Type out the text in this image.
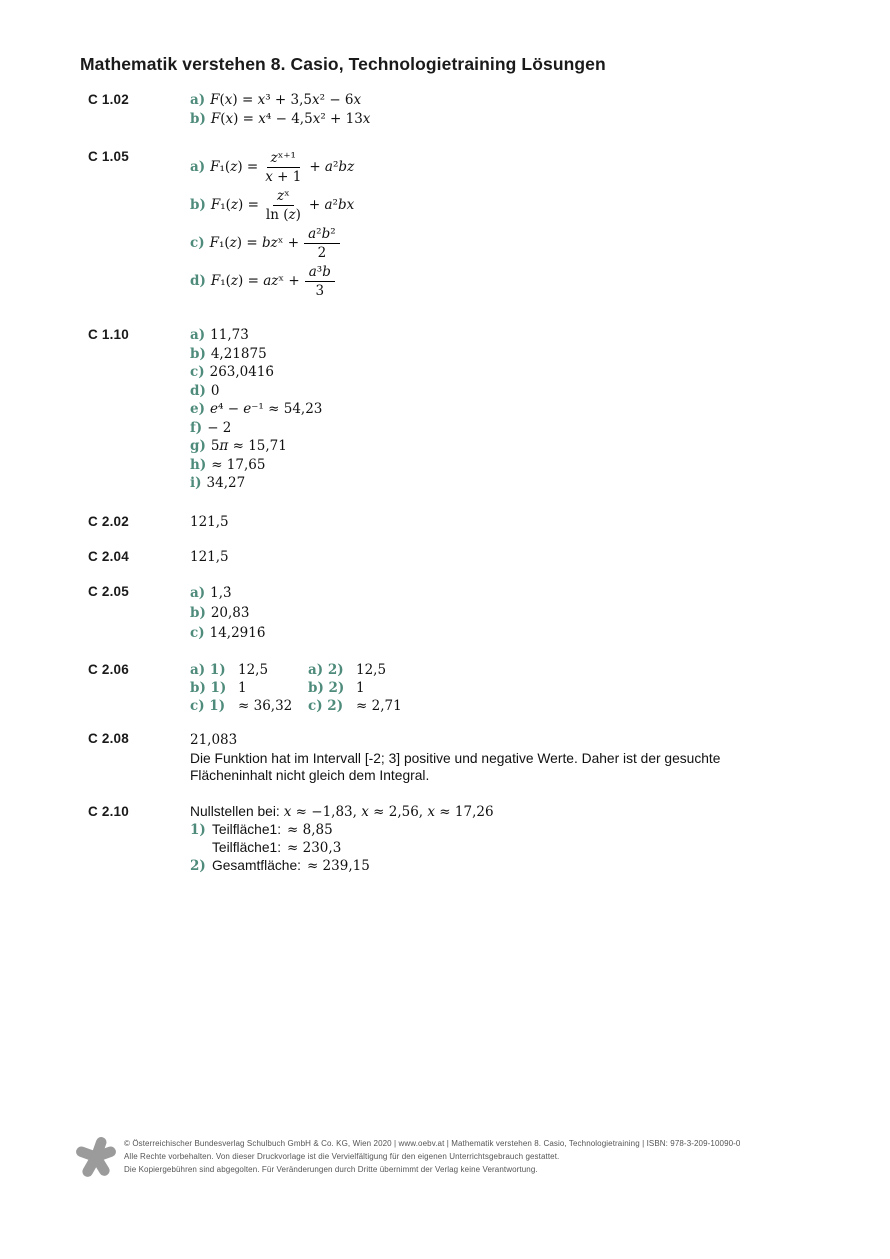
Mathematik verstehen 8. Casio, Technologietraining Lösungen
C 1.02	a) F(x) = x³ + 3,5x² − 6x
b) F(x) = x⁴ − 4,5x² + 13x
C 1.05
a) $F_1(z) = \frac{\text{zˣ⁺¹}}{x + 1} + a^2bz$
b) $F_1(z) = \frac{\text{zˣ}}{\ln (z)} + a^2bx$
c) F₁(z) = bzˣ + $\frac{\text{a²b²}}{2}$
d) F₁(z) = azˣ + $\frac{\text{a³b}}{3}$
C 1.10	a) 11,73̇
b) 4,21875
c) 263,0416̇
d) 0
e) e⁴ − e⁻¹ ≈ 54,23
f) − 2
g) 5π ≈ 15,71
h) ≈ 17,65
i) 34,27
C 2.02	121,5
C 2.04	121,5
C 2.05	a) 1,3̇
b) 20,83̇
c) 14,2916̇
C 2.06	a) 1) 12,5	a) 2) 12,5
b) 1) 1	b) 2) 1
c) 1) ≈ 36,32 c) 2) ≈ 2,71
C 2.08	21,083̇

Die Funktion hat im Intervall [-2; 3] positive und negative Werte. Daher ist der gesuchte Flächeninhalt nicht gleich dem Integral.

C 2.10	Nullstellen bei: x ≈ −1,83, x ≈ 2,56, x ≈ 17,26
1) Teilfläche1: ≈ 8,85
Teilfläche1: ≈ 230,3
2) Gesamtfläche: ≈ 239,15
© Österreichischer Bundesverlag Schulbuch GmbH & Co. KG, Wien 2020 | www.oebv.at | Mathematik verstehen 8. Casio, Technologietraining | ISBN: 978-3-209-10090-0
Alle Rechte vorbehalten. Von dieser Druckvorlage ist die Vervielfältigung für den eigenen Unterrichtsgebrauch gestattet.
Die Kopiergebühren sind abgegolten. Für Veränderungen durch Dritte übernimmt der Verlag keine Verantwortung.
